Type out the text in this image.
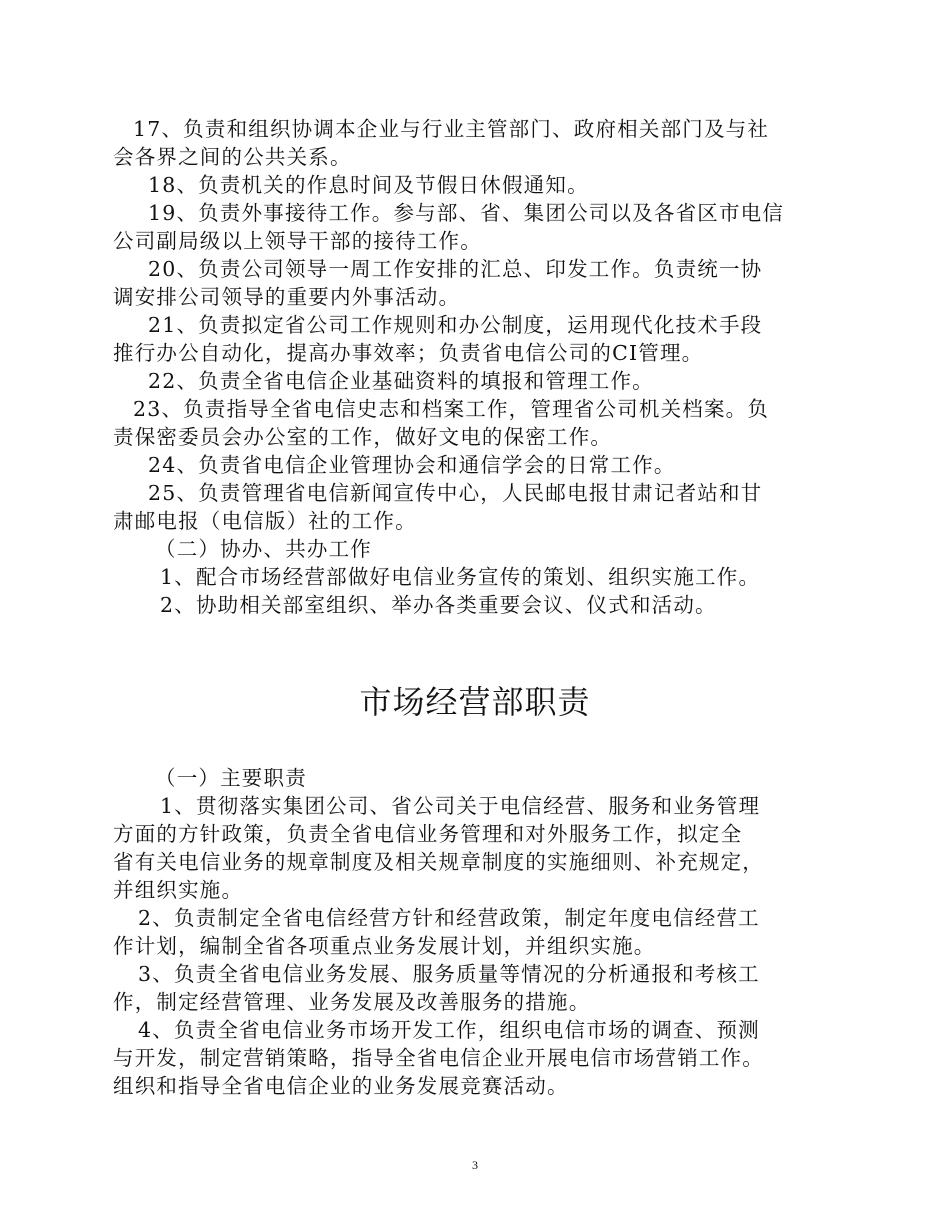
17、负责和组织协调本企业与行业主管部门、政府相关部门及与社
会各界之间的公共关系。
18、负责机关的作息时间及节假日休假通知。
19、负责外事接待工作。参与部、省、集团公司以及各省区市电信
公司副局级以上领导干部的接待工作。
20、负责公司领导一周工作安排的汇总、印发工作。负责统一协
调安排公司领导的重要内外事活动。
21、负责拟定省公司工作规则和办公制度，运用现代化技术手段
推行办公自动化，提高办事效率；负责省电信公司的CI管理。
22、负责全省电信企业基础资料的填报和管理工作。
23、负责指导全省电信史志和档案工作，管理省公司机关档案。负
责保密委员会办公室的工作，做好文电的保密工作。
24、负责省电信企业管理协会和通信学会的日常工作。
25、负责管理省电信新闻宣传中心，人民邮电报甘肃记者站和甘
肃邮电报（电信版）社的工作。
（二）协办、共办工作
1、配合市场经营部做好电信业务宣传的策划、组织实施工作。
2、协助相关部室组织、举办各类重要会议、仪式和活动。
市场经营部职责
（一）主要职责
1、贯彻落实集团公司、省公司关于电信经营、服务和业务管理
方面的方针政策，负责全省电信业务管理和对外服务工作，拟定全
省有关电信业务的规章制度及相关规章制度的实施细则、补充规定，
并组织实施。
2、负责制定全省电信经营方针和经营政策，制定年度电信经营工
作计划，编制全省各项重点业务发展计划，并组织实施。
3、负责全省电信业务发展、服务质量等情况的分析通报和考核工
作，制定经营管理、业务发展及改善服务的措施。
4、负责全省电信业务市场开发工作，组织电信市场的调查、预测
与开发，制定营销策略，指导全省电信企业开展电信市场营销工作。
组织和指导全省电信企业的业务发展竞赛活动。
3
